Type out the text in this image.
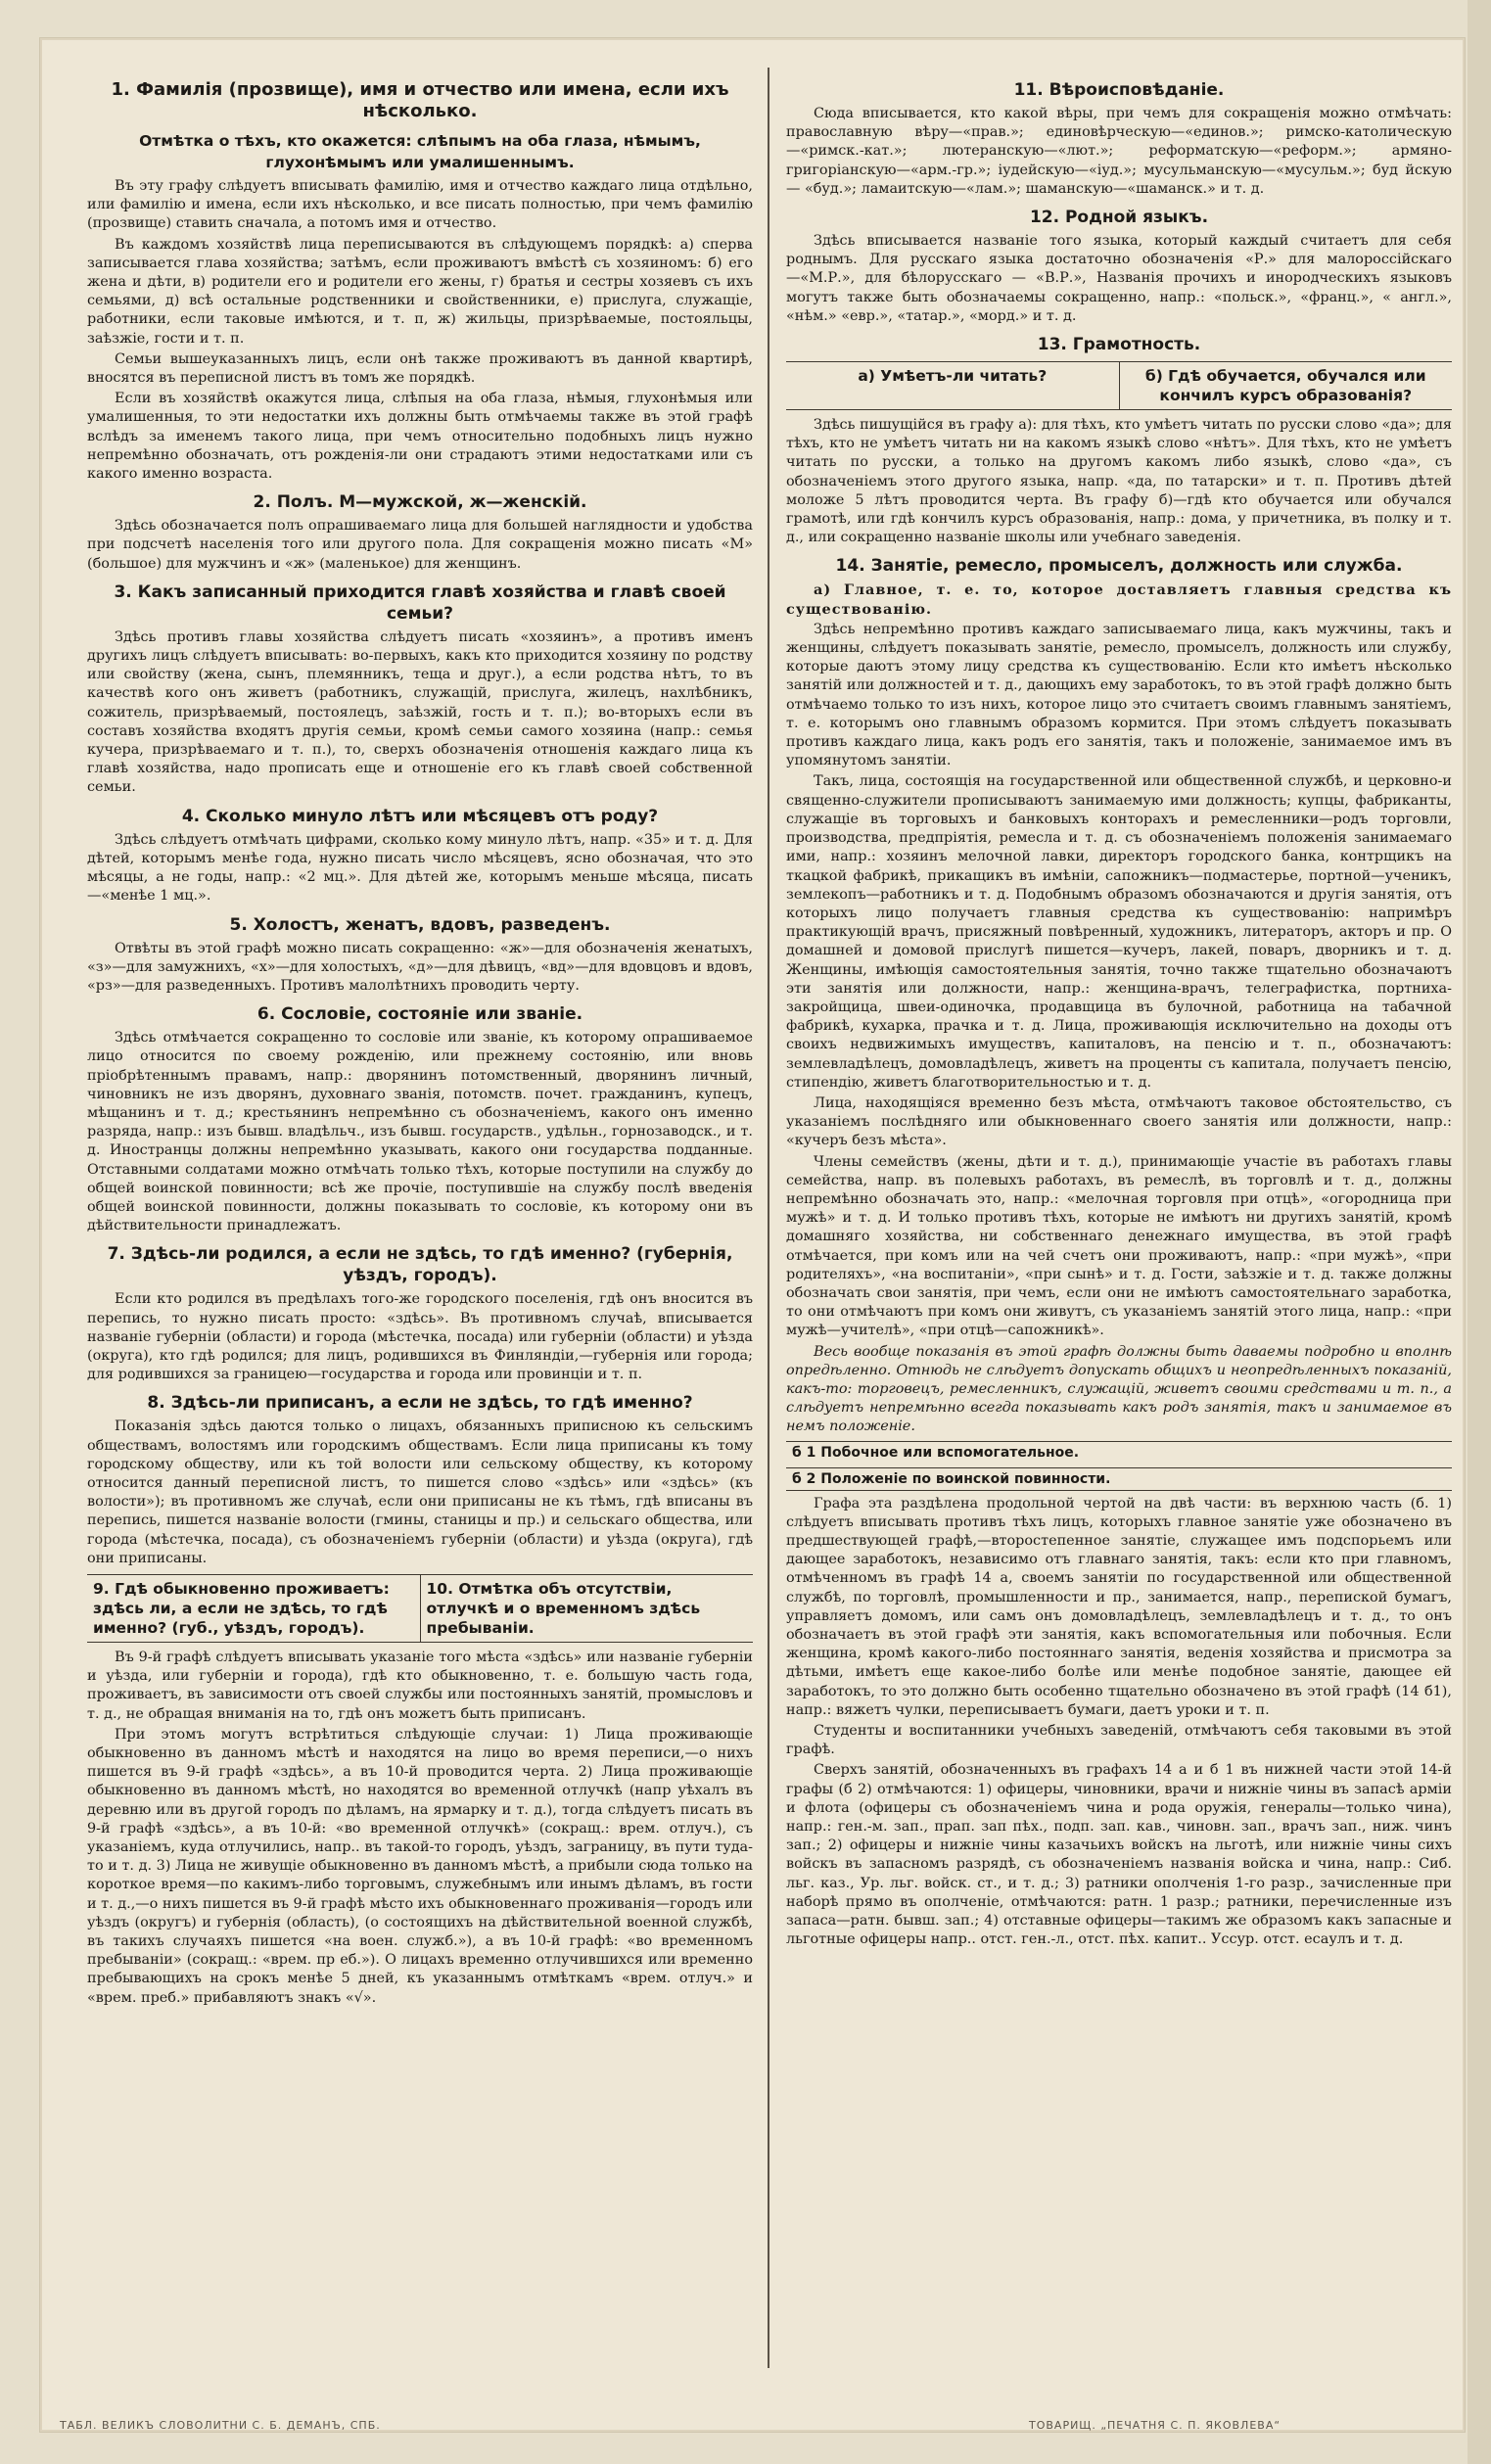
1. Фамилія (прозвище), имя и отчество или имена, если ихъ нѣсколько.
Отмѣтка о тѣхъ, кто окажется: слѣпымъ на оба глаза, нѣмымъ, глухонѣмымъ или умалишеннымъ.

Въ эту графу слѣдуетъ вписывать фамилію, имя и отчество каждаго лица отдѣльно, или фамилію и имена, если ихъ нѣсколько, и все писать полностью, при чемъ фамилію (прозвище) ставить сначала, а потомъ имя и отчество.

Въ каждомъ хозяйствѣ лица переписываются въ слѣдующемъ порядкѣ: а) сперва записывается глава хозяйства; затѣмъ, если проживаютъ вмѣстѣ съ хозяиномъ: б) его жена и дѣти, в) родители его и родители его жены, г) братья и сестры хозяевъ съ ихъ семьями, д) всѣ остальные родственники и свойственники, е) прислуга, служащіе, работники, если таковые имѣются, и т. п, ж) жильцы, призрѣваемые, постояльцы, заѣзжіе, гости и т. п.

Семьи вышеуказанныхъ лицъ, если онѣ также проживаютъ въ данной квартирѣ, вносятся въ переписной листъ въ томъ же порядкѣ.

Если въ хозяйствѣ окажутся лица, слѣпыя на оба глаза, нѣмыя, глухонѣмыя или умалишенныя, то эти недостатки ихъ должны быть отмѣчаемы также въ этой графѣ вслѣдъ за именемъ такого лица, при чемъ относительно подобныхъ лицъ нужно непремѣнно обозначать, отъ рожденія-ли они страдаютъ этими недостатками или съ какого именно возраста.

2. Полъ. М—мужской, ж—женскій.

Здѣсь обозначается полъ опрашиваемаго лица для большей наглядности и удобства при подсчетѣ населенія того или другого пола. Для сокращенія можно писать «М» (большое) для мужчинъ и «ж» (маленькое) для женщинъ.

3. Какъ записанный приходится главѣ хозяйства и главѣ своей семьи?

Здѣсь противъ главы хозяйства слѣдуетъ писать «хозяинъ», а противъ именъ другихъ лицъ слѣдуетъ вписывать: во-первыхъ, какъ кто приходится хозяину по родству или свойству (жена, сынъ, племянникъ, теща и друг.), а если родства нѣтъ, то въ качествѣ кого онъ живетъ (работникъ, служащій, прислуга, жилецъ, нахлѣбникъ, сожитель, призрѣваемый, постоялецъ, заѣзжій, гость и т. п.); во-вторыхъ если въ составъ хозяйства входятъ другія семьи, кромѣ семьи самого хозяина (напр.: семья кучера, призрѣваемаго и т. п.), то, сверхъ обозначенія отношенія каждаго лица къ главѣ хозяйства, надо прописать еще и отношеніе его къ главѣ своей собственной семьи.

4. Сколько минуло лѣтъ или мѣсяцевъ отъ роду?

Здѣсь слѣдуетъ отмѣчать цифрами, сколько кому минуло лѣтъ, напр. «35» и т. д. Для дѣтей, которымъ менѣе года, нужно писать число мѣсяцевъ, ясно обозначая, что это мѣсяцы, а не годы, напр.: «2 мц.». Для дѣтей же, которымъ меньше мѣсяца, писать—«менѣе 1 мц.».

5. Холостъ, женатъ, вдовъ, разведенъ.

Отвѣты въ этой графѣ можно писать сокращенно: «ж»—для обозначенія женатыхъ, «з»—для замужнихъ, «х»—для холостыхъ, «д»—для дѣвицъ, «вд»—для вдовцовъ и вдовъ, «рз»—для разведенныхъ. Противъ малолѣтнихъ проводить черту.

6. Сословіе, состояніе или званіе.

Здѣсь отмѣчается сокращенно то сословіе или званіе, къ которому опрашиваемое лицо относится по своему рожденію, или прежнему состоянію, или вновь пріобрѣтеннымъ правамъ, напр.: дворянинъ потомственный, дворянинъ личный, чиновникъ не изъ дворянъ, духовнаго званія, потомств. почет. гражданинъ, купецъ, мѣщанинъ и т. д.; крестьянинъ непремѣнно съ обозначеніемъ, какого онъ именно разряда, напр.: изъ бывш. владѣльч., изъ бывш. государств., удѣльн., горнозаводск., и т. д. Иностранцы должны непремѣнно указывать, какого они государства подданные. Отставными солдатами можно отмѣчать только тѣхъ, которые поступили на службу до общей воинской повинности; всѣ же прочіе, поступившіе на службу послѣ введенія общей воинской повинности, должны показывать то сословіе, къ которому они въ дѣйствительности принадлежатъ.

7. Здѣсь-ли родился, а если не здѣсь, то гдѣ именно? (губернія, уѣздъ, городъ).

Если кто родился въ предѣлахъ того-же городского поселенія, гдѣ онъ вносится въ перепись, то нужно писать просто: «здѣсь». Въ противномъ случаѣ, вписывается названіе губерніи (области) и города (мѣстечка, посада) или губерніи (области) и уѣзда (округа), кто гдѣ родился; для лицъ, родившихся въ Финляндіи,—губернія или города; для родившихся за границею—государства и города или провинціи и т. п.

8. Здѣсь-ли приписанъ, а если не здѣсь, то гдѣ именно?

Показанія здѣсь даются только о лицахъ, обязанныхъ приписною къ сельскимъ обществамъ, волостямъ или городскимъ обществамъ. Если лица приписаны къ тому городскому обществу, или къ той волости или сельскому обществу, къ которому относится данный переписной листъ, то пишется слово «здѣсь» или «здѣсь» (къ волости»); въ противномъ же случаѣ, если они приписаны не къ тѣмъ, гдѣ вписаны въ перепись, пишется названіе волости (гмины, станицы и пр.) и сельскаго общества, или города (мѣстечка, посада), съ обозначеніемъ губерніи (области) и уѣзда (округа), гдѣ они приписаны.

9. Гдѣ обыкновенно проживаетъ: здѣсь ли, а если не здѣсь, то гдѣ именно? (губ., уѣздъ, городъ).
10. Отмѣтка объ отсутствіи, отлучкѣ и о временномъ здѣсь пребываніи.

Въ 9-й графѣ слѣдуетъ вписывать указаніе того мѣста «здѣсь» или названіе губерніи и уѣзда, или губерніи и города), гдѣ кто обыкновенно, т. е. большую часть года, проживаетъ, въ зависимости отъ своей службы или постоянныхъ занятій, промысловъ и т. д., не обращая вниманія на то, гдѣ онъ можетъ быть приписанъ.

При этомъ могутъ встрѣтиться слѣдующіе случаи: 1) Лица проживающіе обыкновенно въ данномъ мѣстѣ и находятся на лицо во время переписи,—о нихъ пишется въ 9-й графѣ «здѣсь», а въ 10-й проводится черта. 2) Лица проживающіе обыкновенно въ данномъ мѣстѣ, но находятся во временной отлучкѣ (напр уѣхалъ въ деревню или въ другой городъ по дѣламъ, на ярмарку и т. д.), тогда слѣдуетъ писать въ 9-й графѣ «здѣсь», а въ 10-й: «во временной отлучкѣ» (сокращ.: врем. отлуч.), съ указаніемъ, куда отлучились, напр.. въ такой-то городъ, уѣздъ, заграницу, въ пути туда-то и т. д. 3) Лица не живущіе обыкновенно въ данномъ мѣстѣ, а прибыли сюда только на короткое время—по какимъ-либо торговымъ, служебнымъ или инымъ дѣламъ, въ гости и т. д.,—о нихъ пишется въ 9-й графѣ мѣсто ихъ обыкновеннаго проживанія—городъ или уѣздъ (округъ) и губернія (область), (о состоящихъ на дѣйствительной военной службѣ, въ такихъ случаяхъ пишется «на воен. служб.»), а въ 10-й графѣ: «во временномъ пребываніи» (сокращ.: «врем. пр еб.»). О лицахъ временно отлучившихся или временно пребывающихъ на срокъ менѣе 5 дней, къ указаннымъ отмѣткамъ «врем. отлуч.» и «врем. преб.» прибавляютъ знакъ «√».

11. Вѣроисповѣданіе.

Сюда вписывается, кто какой вѣры, при чемъ для сокращенія можно отмѣчать: православную вѣру—«прав.»; единовѣрческую—«единов.»; римско-католическую—«римск.-кат.»; лютеранскую—«лют.»; реформатскую—«реформ.»; армяно-григоріанскую—«арм.-гр.»; іудейскую—«іуд.»; мусульманскую—«мусульм.»; буд йскую — «буд.»; ламаитскую—«лам.»; шаманскую—«шаманск.» и т. д.

12. Родной языкъ.

Здѣсь вписывается названіе того языка, который каждый считаетъ для себя роднымъ. Для русскаго языка достаточно обозначенія «Р.» для малороссійскаго—«М.Р.», для бѣлорусскаго — «В.Р.», Названія прочихъ и инородческихъ языковъ могутъ также быть обозначаемы сокращенно, напр.: «польск.», «франц.», « англ.», «нѣм.» «евр.», «татар.», «морд.» и т. д.

13. Грамотность.
а) Умѣетъ-ли читать?	б) Гдѣ обучается, обучался или кончилъ курсъ образованія?

Здѣсь пишущійся въ графу а): для тѣхъ, кто умѣетъ читать по русски слово «да»; для тѣхъ, кто не умѣетъ читать ни на какомъ языкѣ слово «нѣтъ». Для тѣхъ, кто не умѣетъ читать по русски, а только на другомъ какомъ либо языкѣ, слово «да», съ обозначеніемъ этого другого языка, напр. «да, по татарски» и т. п. Противъ дѣтей моложе 5 лѣтъ проводится черта. Въ графу б)—гдѣ кто обучается или обучался грамотѣ, или гдѣ кончилъ курсъ образованія, напр.: дома, у причетника, въ полку и т. д., или сокращенно названіе школы или учебнаго заведенія.

14. Занятіе, ремесло, промыселъ, должность или служба.

а) Главное, т. е. то, которое доставляетъ главныя средства къ существованію.

Здѣсь непремѣнно противъ каждаго записываемаго лица, какъ мужчины, такъ и женщины, слѣдуетъ показывать занятіе, ремесло, промыселъ, должность или службу, которые даютъ этому лицу средства къ существованію. Если кто имѣетъ нѣсколько занятій или должностей и т. д., дающихъ ему заработокъ, то въ этой графѣ должно быть отмѣчаемо только то изъ нихъ, которое лицо это считаетъ своимъ главнымъ занятіемъ, т. е. которымъ оно главнымъ образомъ кормится. При этомъ слѣдуетъ показывать противъ каждаго лица, какъ родъ его занятія, такъ и положеніе, занимаемое имъ въ упомянутомъ занятіи.

Такъ, лица, состоящія на государственной или общественной службѣ, и церковно-и священно-служители прописываютъ занимаемую ими должность; купцы, фабриканты, служащіе въ торговыхъ и банковыхъ конторахъ и ремесленники—родъ торговли, производства, предпріятія, ремесла и т. д. съ обозначеніемъ положенія занимаемаго ими, напр.: хозяинъ мелочной лавки, директоръ городского банка, контрщикъ на ткацкой фабрикѣ, прикащикъ въ имѣніи, сапожникъ—подмастерье, портной—ученикъ, землекопъ—работникъ и т. д. Подобнымъ образомъ обозначаются и другія занятія, отъ которыхъ лицо получаетъ главныя средства къ существованію: напримѣръ практикующій врачъ, присяжный повѣренный, художникъ, литераторъ, акторъ и пр. О домашней и домовой прислугѣ пишется—кучеръ, лакей, поваръ, дворникъ и т. д. Женщины, имѣющія самостоятельныя занятія, точно также тщательно обозначаютъ эти занятія или должности, напр.: женщина-врачъ, телеграфистка, портниха-закройщица, швеи-одиночка, продавщица въ булочной, работница на табачной фабрикѣ, кухарка, прачка и т. д. Лица, проживающія исключительно на доходы отъ своихъ недвижимыхъ имуществъ, капиталовъ, на пенсію и т. п., обозначаютъ: землевладѣлецъ, домовладѣлецъ, живетъ на проценты съ капитала, получаетъ пенсію, стипендію, живетъ благотворительностью и т. д.

Лица, находящіяся временно безъ мѣста, отмѣчаютъ таковое обстоятельство, съ указаніемъ послѣдняго или обыкновеннаго своего занятія или должности, напр.: «кучеръ безъ мѣста».

Члены семействъ (жены, дѣти и т. д.), принимающіе участіе въ работахъ главы семейства, напр. въ полевыхъ работахъ, въ ремеслѣ, въ торговлѣ и т. д., должны непремѣнно обозначать это, напр.: «мелочная торговля при отцѣ», «огородница при мужѣ» и т. д. И только противъ тѣхъ, которые не имѣютъ ни другихъ занятій, кромѣ домашняго хозяйства, ни собственнаго денежнаго имущества, въ этой графѣ отмѣчается, при комъ или на чей счетъ они проживаютъ, напр.: «при мужѣ», «при родителяхъ», «на воспитаніи», «при сынѣ» и т. д. Гости, заѣзжіе и т. д. также должны обозначать свои занятія, при чемъ, если они не имѣютъ самостоятельнаго заработка, то они отмѣчаютъ при комъ они живутъ, съ указаніемъ занятій этого лица, напр.: «при мужѣ—учителѣ», «при отцѣ—сапожникѣ».

Весь вообще показанія въ этой графѣ должны быть даваемы подробно и вполнѣ опредѣленно. Отнюдь не слѣдуетъ допускать общихъ и неопредѣленныхъ показаній, какъ-то: торговецъ, ремесленникъ, служащій, живетъ своими средствами и т. п., а слѣдуетъ непремѣнно всегда показывать какъ родъ занятія, такъ и занимаемое въ немъ положеніе.

б 1 Побочное или вспомогательное.
б 2 Положеніе по воинской повинности.

Графа эта раздѣлена продольной чертой на двѣ части: въ верхнюю часть (б. 1) слѣдуетъ вписывать противъ тѣхъ лицъ, которыхъ главное занятіе уже обозначено въ предшествующей графѣ,—второстепенное занятіе, служащее имъ подспорьемъ или дающее заработокъ, независимо отъ главнаго занятія, такъ: если кто при главномъ, отмѣченномъ въ графѣ 14 а, своемъ занятіи по государственной или общественной службѣ, по торговлѣ, промышленности и пр., занимается, напр., перепиской бумагъ, управляетъ домомъ, или самъ онъ домовладѣлецъ, землевладѣлецъ и т. д., то онъ обозначаетъ въ этой графѣ эти занятія, какъ вспомогательныя или побочныя. Если женщина, кромѣ какого-либо постояннаго занятія, веденія хозяйства и присмотра за дѣтьми, имѣетъ еще какое-либо болѣе или менѣе подобное занятіе, дающее ей заработокъ, то это должно быть особенно тщательно обозначено въ этой графѣ (14 б1), напр.: вяжетъ чулки, переписываетъ бумаги, даетъ уроки и т. п.

Студенты и воспитанники учебныхъ заведеній, отмѣчаютъ себя таковыми въ этой графѣ.

Сверхъ занятій, обозначенныхъ въ графахъ 14 а и б 1 въ нижней части этой 14-й графы (б 2) отмѣчаются: 1) офицеры, чиновники, врачи и нижніе чины въ запасѣ арміи и флота (офицеры съ обозначеніемъ чина и рода оружія, генералы—только чина), напр.: ген.-м. зап., прап. зап пѣх., подп. зап. кав., чиновн. зап., врачъ зап., ниж. чинъ зап.; 2) офицеры и нижніе чины казачьихъ войскъ на льготѣ, или нижніе чины сихъ войскъ въ запасномъ разрядѣ, съ обозначеніемъ названія войска и чина, напр.: Сиб. льг. каз., Ур. льг. войск. ст., и т. д.; 3) ратники ополченія 1-го разр., зачисленные при наборѣ прямо въ ополченіе, отмѣчаются: ратн. 1 разр.; ратники, перечисленные изъ запаса—ратн. бывш. зап.; 4) отставные офицеры—такимъ же образомъ какъ запасные и льготные офицеры напр.. отст. ген.-л., отст. пѣх. капит.. Уссур. отст. есаулъ и т. д.

ТАБЛ. ВЕЛИКЪ СЛОВОЛИТНИ С. Б. ДЕМАНЪ, СПБ.	ТОВАРИЩ. „ПЕЧАТНЯ С. П. ЯКОВЛЕВА“
